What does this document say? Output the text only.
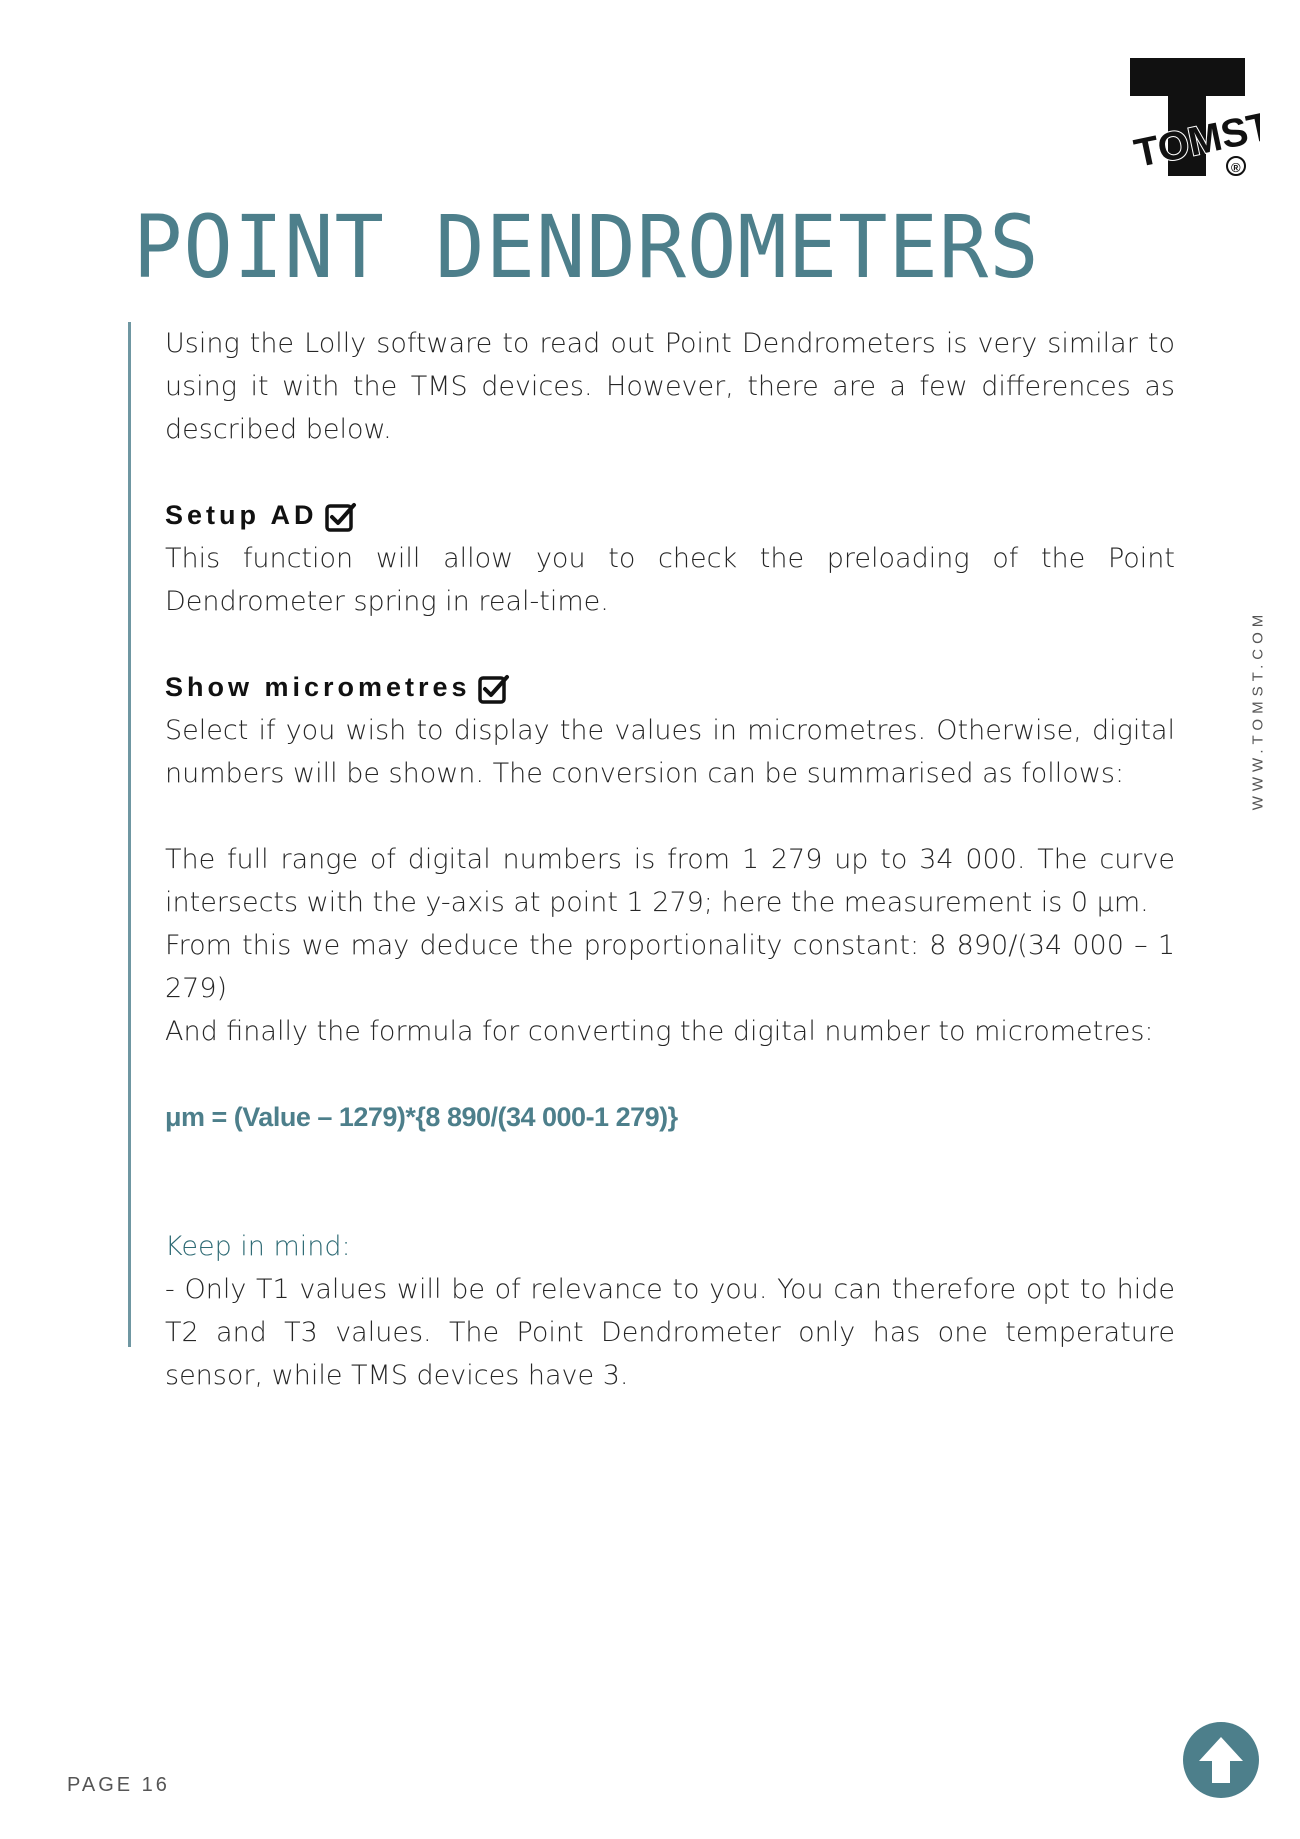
TOMST
®
POINT DENDROMETERS

Using the Lolly software to read out Point Dendrometers is very similar to using it with the TMS devices. However, there are a few differences as described below.

Setup AD

This function will allow you to check the preloading of the Point Dendrometer spring in real-time.

Show micrometres

Select if you wish to display the values in micrometres. Otherwise, digital numbers will be shown. The conversion can be summarised as follows:

The full range of digital numbers is from 1 279 up to 34 000. The curve intersects with the y-axis at point 1 279; here the measurement is 0 μm.

From this we may deduce the proportionality constant: 8 890/(34 000 – 1 279)

And finally the formula for converting the digital number to micrometres:

μm = (Value – 1279)*{8 890/(34 000-1 279)}

Keep in mind:

- Only T1 values will be of relevance to you. You can therefore opt to hide T2 and T3 values. The Point Dendrometer only has one temperature sensor, while TMS devices have 3.

WWW.TOMST.COM
PAGE 16
